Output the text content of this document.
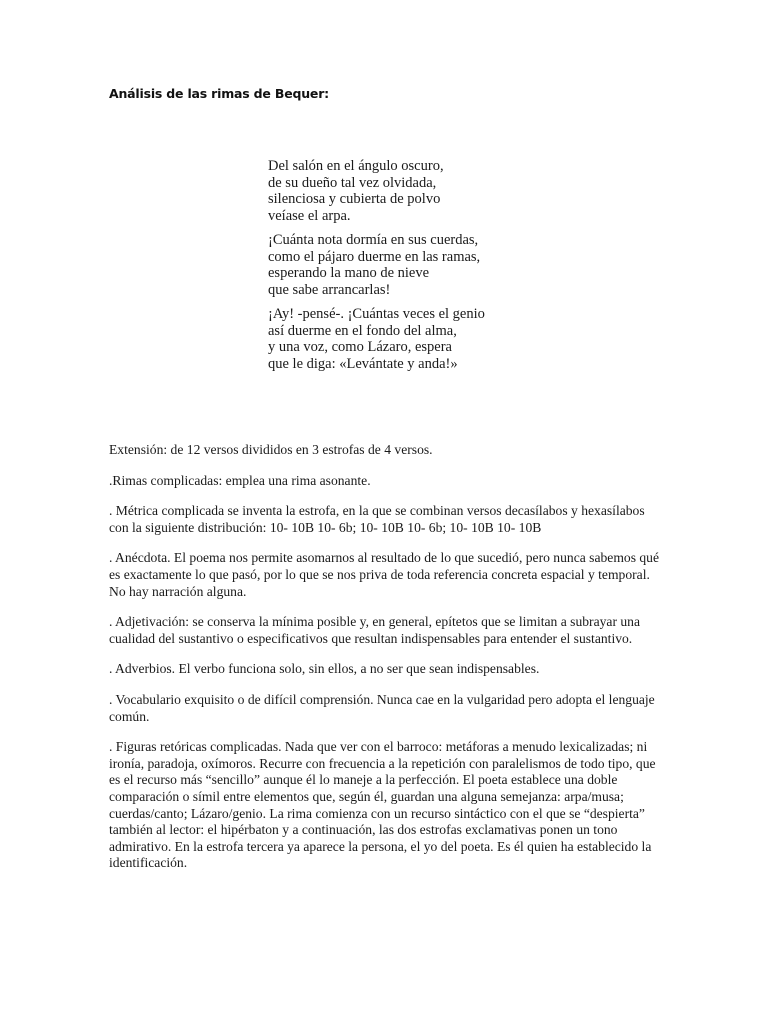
Análisis de las rimas de Bequer:
Del salón en el ángulo oscuro,
de su dueño tal vez olvidada,
silenciosa y cubierta de polvo
veíase el arpa.
¡Cuánta nota dormía en sus cuerdas,
como el pájaro duerme en las ramas,
esperando la mano de nieve
que sabe arrancarlas!
¡Ay! -pensé-. ¡Cuántas veces el genio
así duerme en el fondo del alma,
y una voz, como Lázaro, espera
que le diga: «Levántate y anda!»

Extensión: de 12 versos divididos en 3 estrofas de 4 versos.

.Rimas complicadas: emplea una rima asonante.

. Métrica complicada se inventa la estrofa, en la que se combinan versos decasílabos y hexasílabos con la siguiente distribución: 10- 10B 10- 6b; 10- 10B 10- 6b; 10- 10B 10- 10B

. Anécdota. El poema nos permite asomarnos al resultado de lo que sucedió, pero nunca sabemos qué es exactamente lo que pasó, por lo que se nos priva de toda referencia concreta espacial y temporal. No hay narración alguna.

. Adjetivación: se conserva la mínima posible y, en general, epítetos que se limitan a subrayar una cualidad del sustantivo o especificativos que resultan indispensables para entender el sustantivo.

. Adverbios. El verbo funciona solo, sin ellos, a no ser que sean indispensables.

. Vocabulario exquisito o de difícil comprensión. Nunca cae en la vulgaridad pero adopta el lenguaje común.

. Figuras retóricas complicadas. Nada que ver con el barroco: metáforas a menudo lexicalizadas; ni ironía, paradoja, oxímoros. Recurre con frecuencia a la repetición con paralelismos de todo tipo, que es el recurso más “sencillo” aunque él lo maneje a la perfección. El poeta establece una doble comparación o símil entre elementos que, según él, guardan una alguna semejanza: arpa/musa; cuerdas/canto; Lázaro/genio. La rima comienza con un recurso sintáctico con el que se “despierta” también al lector: el hipérbaton y a continuación, las dos estrofas exclamativas ponen un tono admirativo. En la estrofa tercera ya aparece la persona, el yo del poeta. Es él quien ha establecido la identificación.
